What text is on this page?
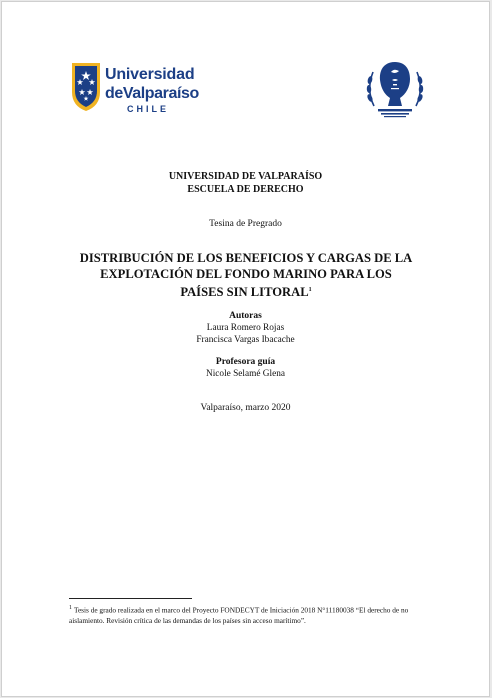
Universidad
deValparaíso
CHILE
UNIVERSIDAD DE VALPARAÍSO
ESCUELA DE DERECHO
Tesina de Pregrado
DISTRIBUCIÓN DE LOS BENEFICIOS Y CARGAS DE LA
EXPLOTACIÓN DEL FONDO MARINO PARA LOS
PAÍSES SIN LITORAL$^1$
Autoras
Laura Romero Rojas
Francisca Vargas Ibacache
Profesora guía
Nicole Selamé Glena
Valparaíso, marzo 2020
$^1$ Tesis de grado realizada en el marco del Proyecto FONDECYT de Iniciación 2018 N°11180038 “El derecho de no aislamiento. Revisión crítica de las demandas de los países sin acceso marítimo”.
